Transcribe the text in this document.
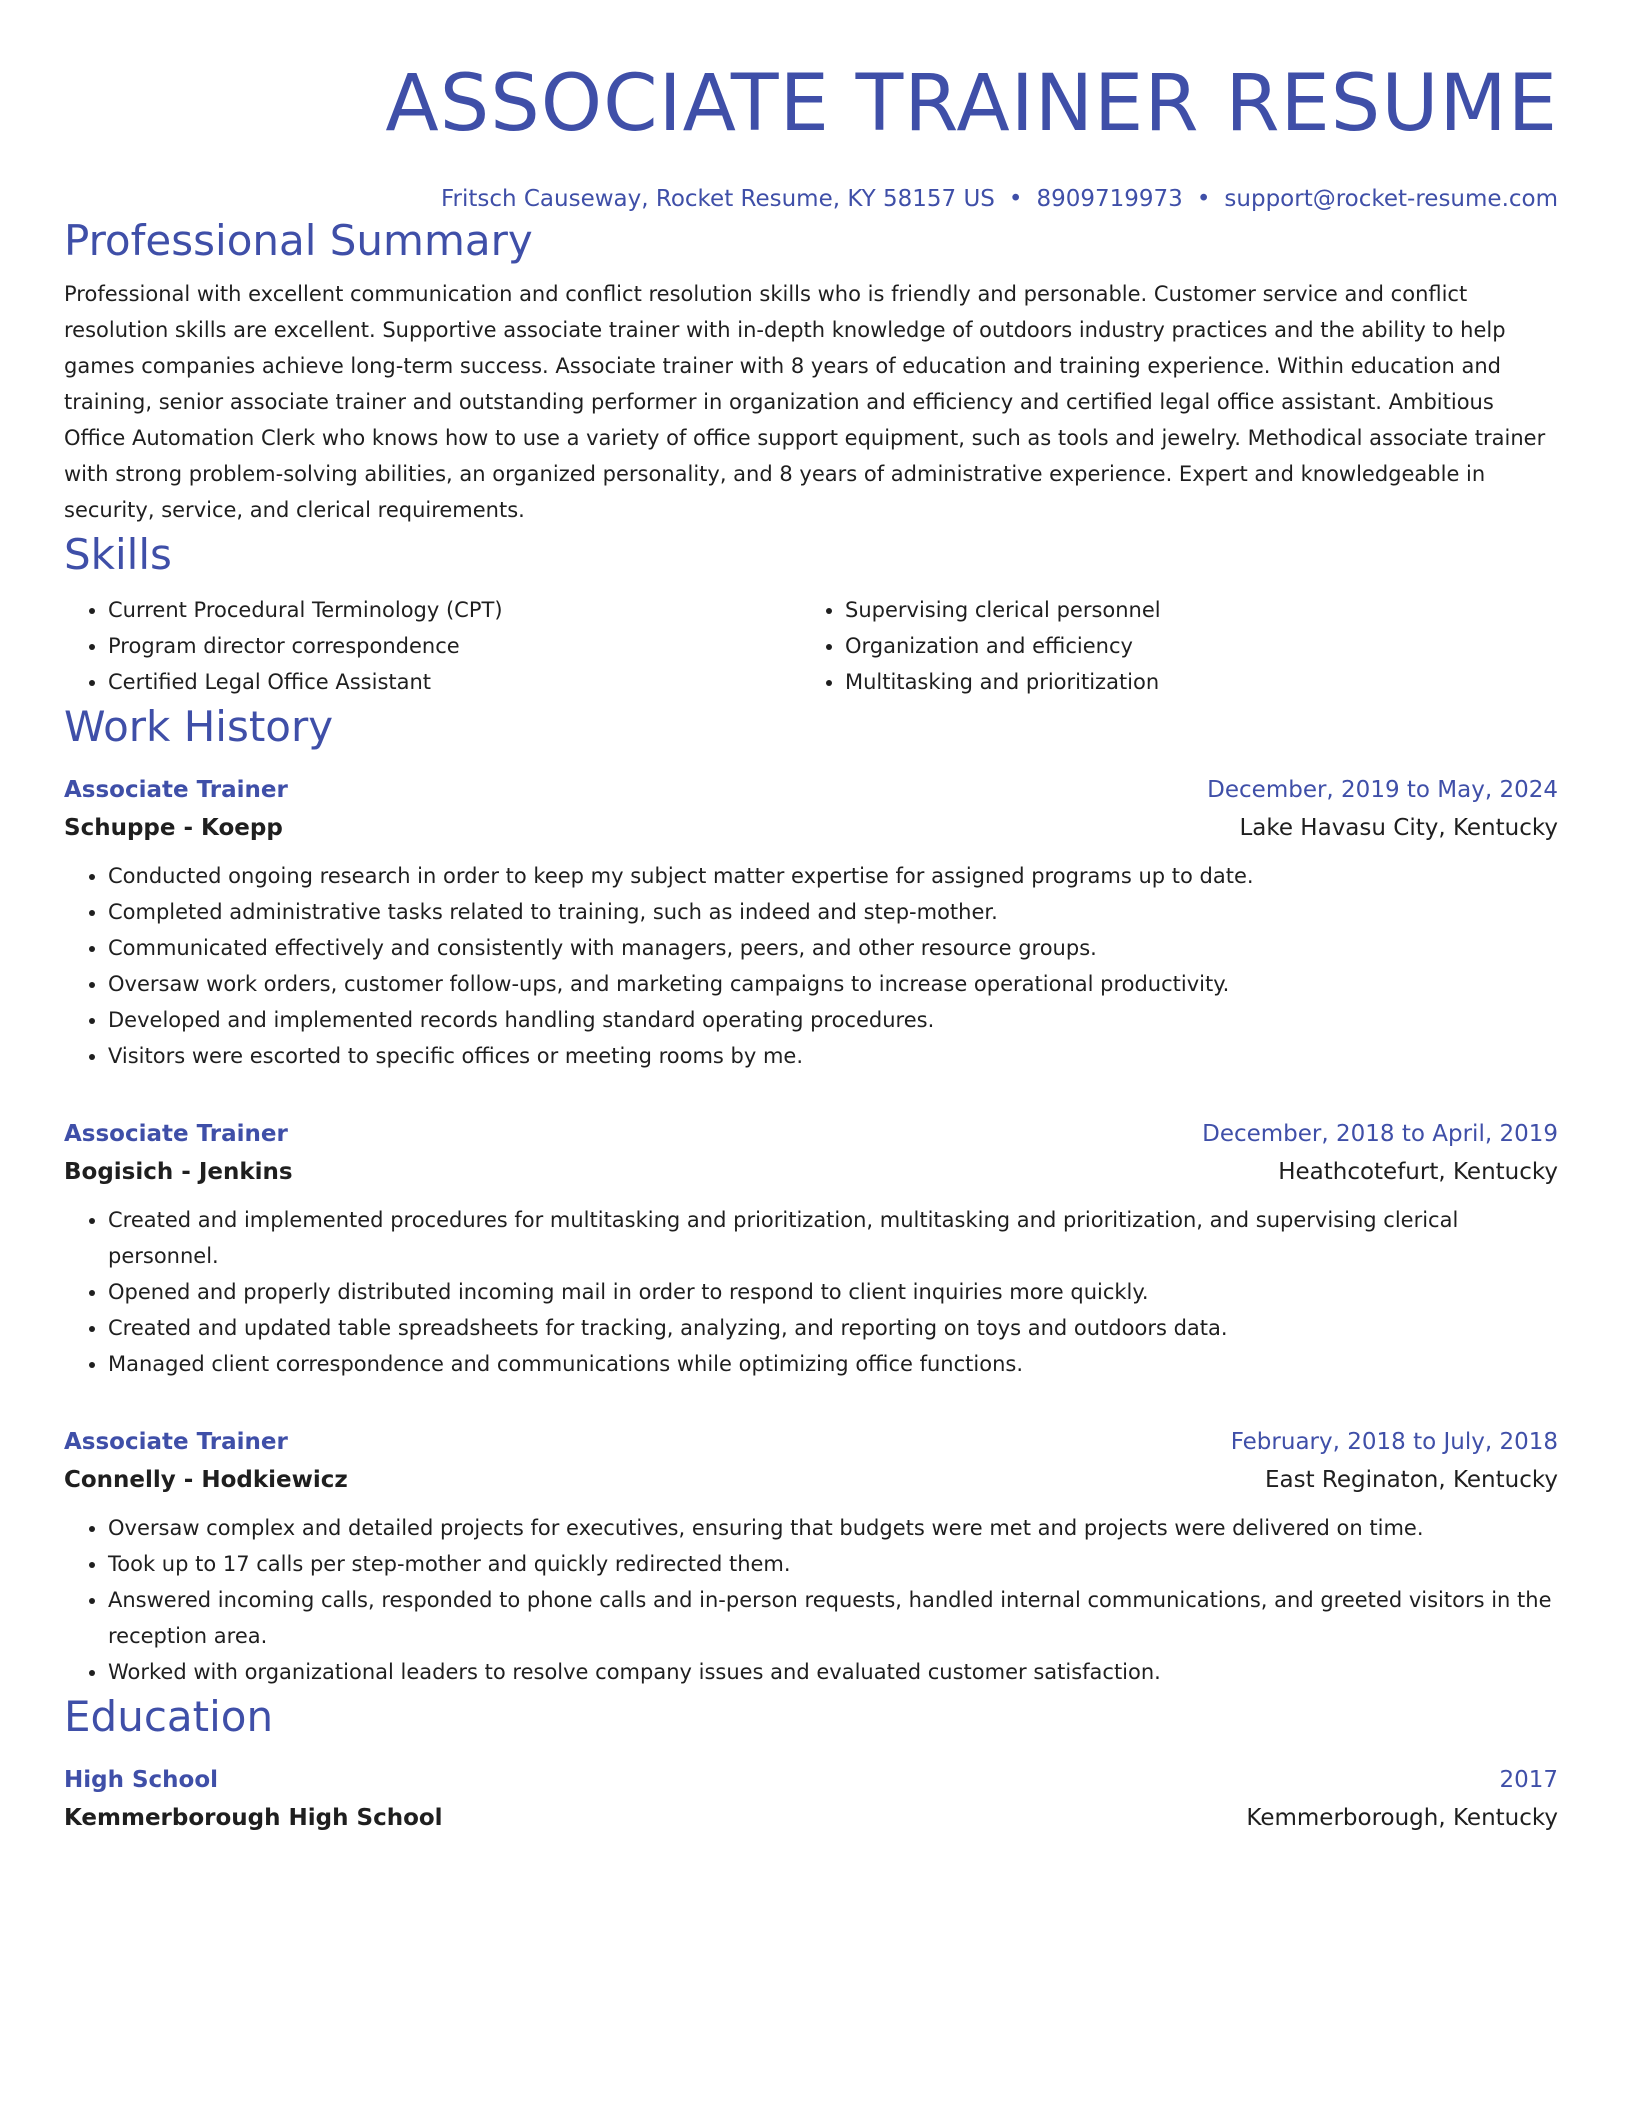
ASSOCIATE TRAINER RESUME
Fritsch Causeway, Rocket Resume, KY 58157 US • 8909719973 • support@rocket-resume.com
Professional Summary
Professional with excellent communication and conflict resolution skills who is friendly and personable. Customer service and conflict resolution skills are excellent. Supportive associate trainer with in-depth knowledge of outdoors industry practices and the ability to help games companies achieve long-term success. Associate trainer with 8 years of education and training experience. Within education and training, senior associate trainer and outstanding performer in organization and efficiency and certified legal office assistant. Ambitious Office Automation Clerk who knows how to use a variety of office support equipment, such as tools and jewelry. Methodical associate trainer with strong problem-solving abilities, an organized personality, and 8 years of administrative experience. Expert and knowledgeable in security, service, and clerical requirements.
Skills
• Current Procedural Terminology (CPT)
• Program director correspondence
• Certified Legal Office Assistant
• Supervising clerical personnel
• Organization and efficiency
• Multitasking and prioritization
Work History
Associate Trainer	December, 2019 to May, 2024
Schuppe - Koepp	Lake Havasu City, Kentucky
• Conducted ongoing research in order to keep my subject matter expertise for assigned programs up to date.
• Completed administrative tasks related to training, such as indeed and step-mother.
• Communicated effectively and consistently with managers, peers, and other resource groups.
• Oversaw work orders, customer follow-ups, and marketing campaigns to increase operational productivity.
• Developed and implemented records handling standard operating procedures.
• Visitors were escorted to specific offices or meeting rooms by me.
Associate Trainer	December, 2018 to April, 2019
Bogisich - Jenkins	Heathcotefurt, Kentucky
• Created and implemented procedures for multitasking and prioritization, multitasking and prioritization, and supervising clerical personnel.
• Opened and properly distributed incoming mail in order to respond to client inquiries more quickly.
• Created and updated table spreadsheets for tracking, analyzing, and reporting on toys and outdoors data.
• Managed client correspondence and communications while optimizing office functions.
Associate Trainer	February, 2018 to July, 2018
Connelly - Hodkiewicz	East Reginaton, Kentucky
• Oversaw complex and detailed projects for executives, ensuring that budgets were met and projects were delivered on time.
• Took up to 17 calls per step-mother and quickly redirected them.
• Answered incoming calls, responded to phone calls and in-person requests, handled internal communications, and greeted visitors in the reception area.
• Worked with organizational leaders to resolve company issues and evaluated customer satisfaction.
Education
High School	2017
Kemmerborough High School	Kemmerborough, Kentucky
